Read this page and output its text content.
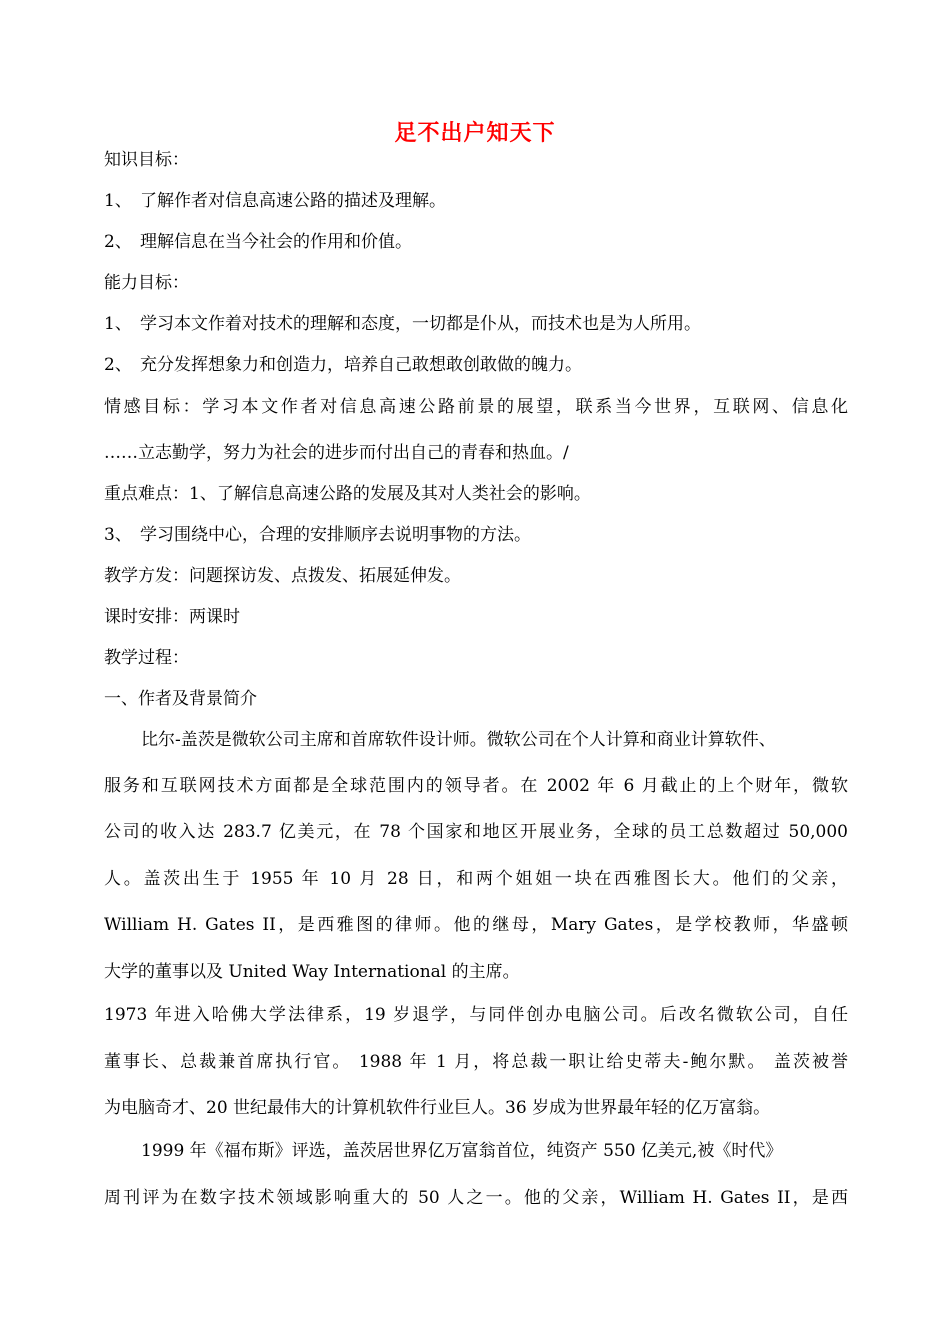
足不出户知天下
知识目标：
1、 了解作者对信息高速公路的描述及理解。
2、 理解信息在当今社会的作用和价值。
能力目标：
1、 学习本文作着对技术的理解和态度，一切都是仆从，而技术也是为人所用。
2、 充分发挥想象力和创造力，培养自己敢想敢创敢做的魄力。
情感目标：学习本文作者对信息高速公路前景的展望，联系当今世界，互联网、信息化
……立志勤学，努力为社会的进步而付出自己的青春和热血。/
重点难点：1、了解信息高速公路的发展及其对人类社会的影响。
3、 学习围绕中心，合理的安排顺序去说明事物的方法。
教学方发：问题探访发、点拨发、拓展延伸发。
课时安排：两课时
教学过程：
一、作者及背景简介
比尔-盖茨是微软公司主席和首席软件设计师。微软公司在个人计算和商业计算软件、
服务和互联网技术方面都是全球范围内的领导者。在 2002 年 6 月截止的上个财年，微软
公司的收入达 283.7 亿美元，在 78 个国家和地区开展业务，全球的员工总数超过 50,000
人。盖茨出生于 1955 年 10 月 28 日，和两个姐姐一块在西雅图长大。他们的父亲，
William H. Gates II，是西雅图的律师。他的继母，Mary Gates，是学校教师，华盛顿
大学的董事以及 United Way International 的主席。
1973 年进入哈佛大学法律系，19 岁退学，与同伴创办电脑公司。后改名微软公司，自任
董事长、总裁兼首席执行官。 1988 年 1 月，将总裁一职让给史蒂夫-鲍尔默。 盖茨被誉
为电脑奇才、20 世纪最伟大的计算机软件行业巨人。36 岁成为世界最年轻的亿万富翁。
1999 年《福布斯》评选，盖茨居世界亿万富翁首位，纯资产 550 亿美元,被《时代》
周刊评为在数字技术领域影响重大的 50 人之一。他的父亲，William H. Gates II，是西
